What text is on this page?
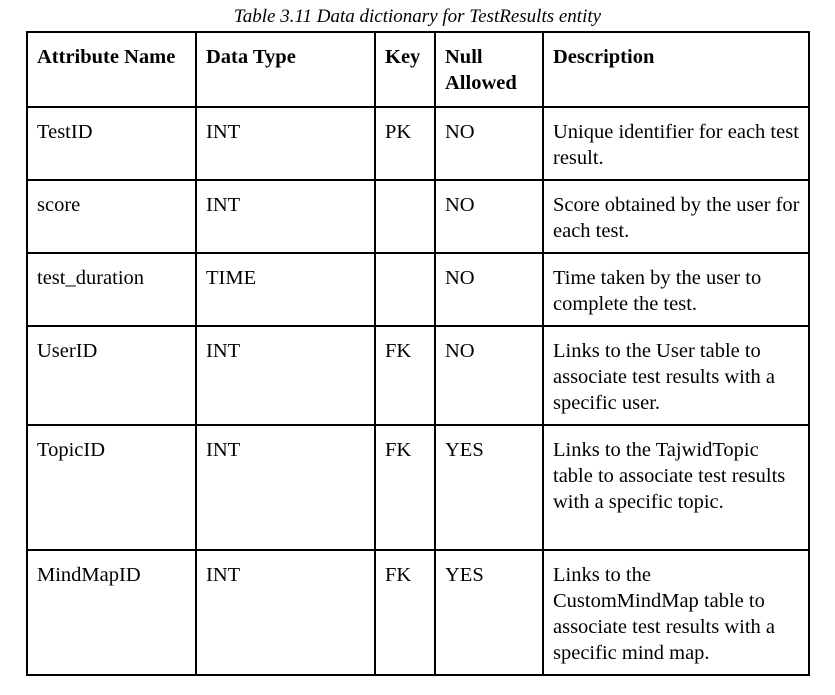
Table 3.11 Data dictionary for TestResults entity
Attribute Name	Data Type	Key	Null Allowed	Description
TestID	INT	PK	NO	Unique identifier for each test result.
score	INT		NO	Score obtained by the user for each test.
test_duration	TIME		NO	Time taken by the user to complete the test.
UserID	INT	FK	NO	Links to the User table to associate test results with a specific user.
TopicID	INT	FK	YES	Links to the TajwidTopic table to associate test results with a specific topic.
MindMapID	INT	FK	YES	Links to the CustomMindMap table to associate test results with a specific mind map.
